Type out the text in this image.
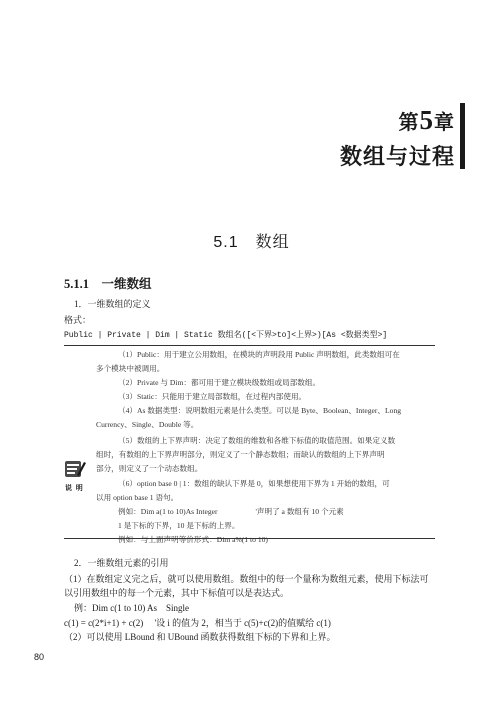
第5章
数组与过程
5.1　数组
5.1.1　一维数组
1．一维数组的定义
格式：
Public | Private | Dim | Static 数组名([<下界>to]<上界>)[As <数据类型>]
（1）Public：用于建立公用数组，在模块的声明段用 Public 声明数组，此类数组可在
多个模块中被调用。
（2）Private 与 Dim：都可用于建立模块级数组或局部数组。
（3）Static：只能用于建立局部数组，在过程内部使用。
（4）As 数据类型：说明数组元素是什么类型。可以是 Byte、Boolean、Integer、Long
Currency、Single、Double 等。
（5）数组的上下界声明：决定了数组的维数和各维下标值的取值范围。如果定义数
组时，有数组的上下界声明部分，则定义了一个静态数组；而缺认的数组的上下界声明
部分，则定义了一个动态数组。
（6）option base 0 | 1：数组的缺认下界是 0，如果想使用下界为 1 开始的数组，可
以用 option base 1 语句。
例如：Dim a(1 to 10)As Integer　　　　　'声明了 a 数组有 10 个元素
1 是下标的下界，10 是下标的上界。
例如：与上面声明等价形式：Dim a%(1 to 10)
说 明
2．一维数组元素的引用
（1）在数组定义完之后，就可以使用数组。数组中的每一个量称为数组元素，使用下标法可
以引用数组中的每一个元素，其中下标值可以是表达式。
例：Dim c(1 to 10) As　Single
c(1) = c(2*i+1) + c(2)　 '设 i 的值为 2，相当于 c(5)+c(2)的值赋给 c(1)
（2）可以使用 LBound 和 UBound 函数获得数组下标的下界和上界。
80
